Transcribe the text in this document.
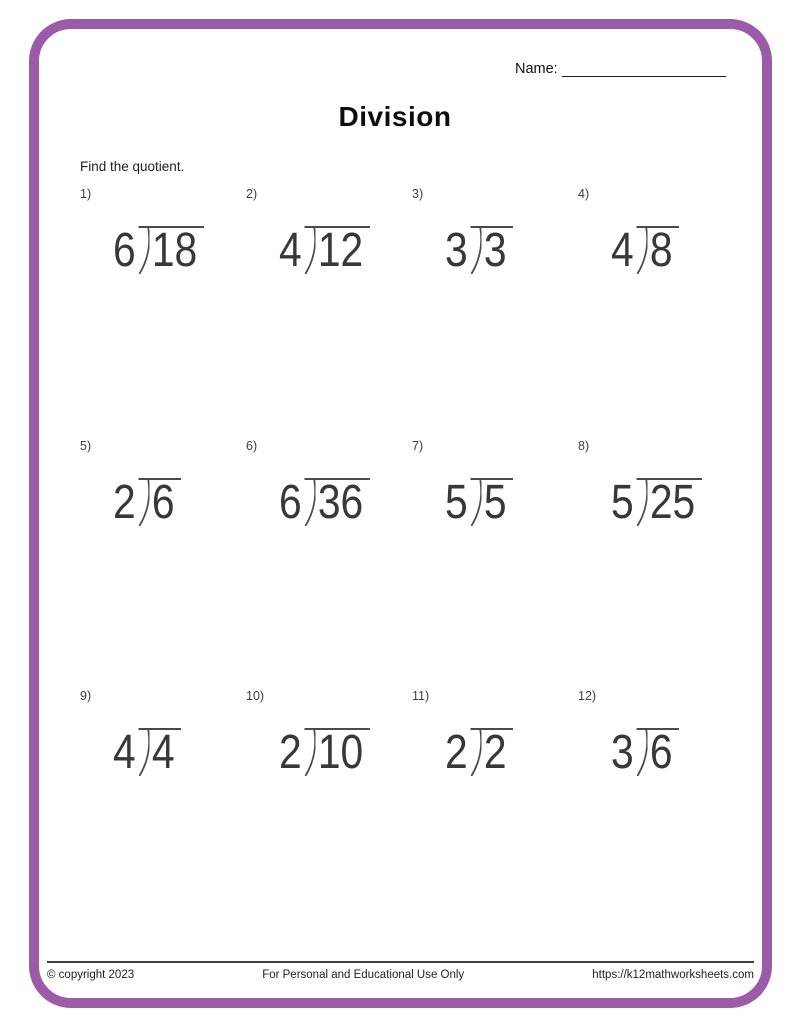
Name:
Division
Find the quotient.
1)
6 18
2)
4 12
3)
3 3
4)
4 8
5)
2 6
6)
6 36
7)
5 5
8)
5 25
9)
4 4
10)
2 10
11)
2 2
12)
3 6
© copyright 2023	For Personal and Educational Use Only	https://k12mathworksheets.com
